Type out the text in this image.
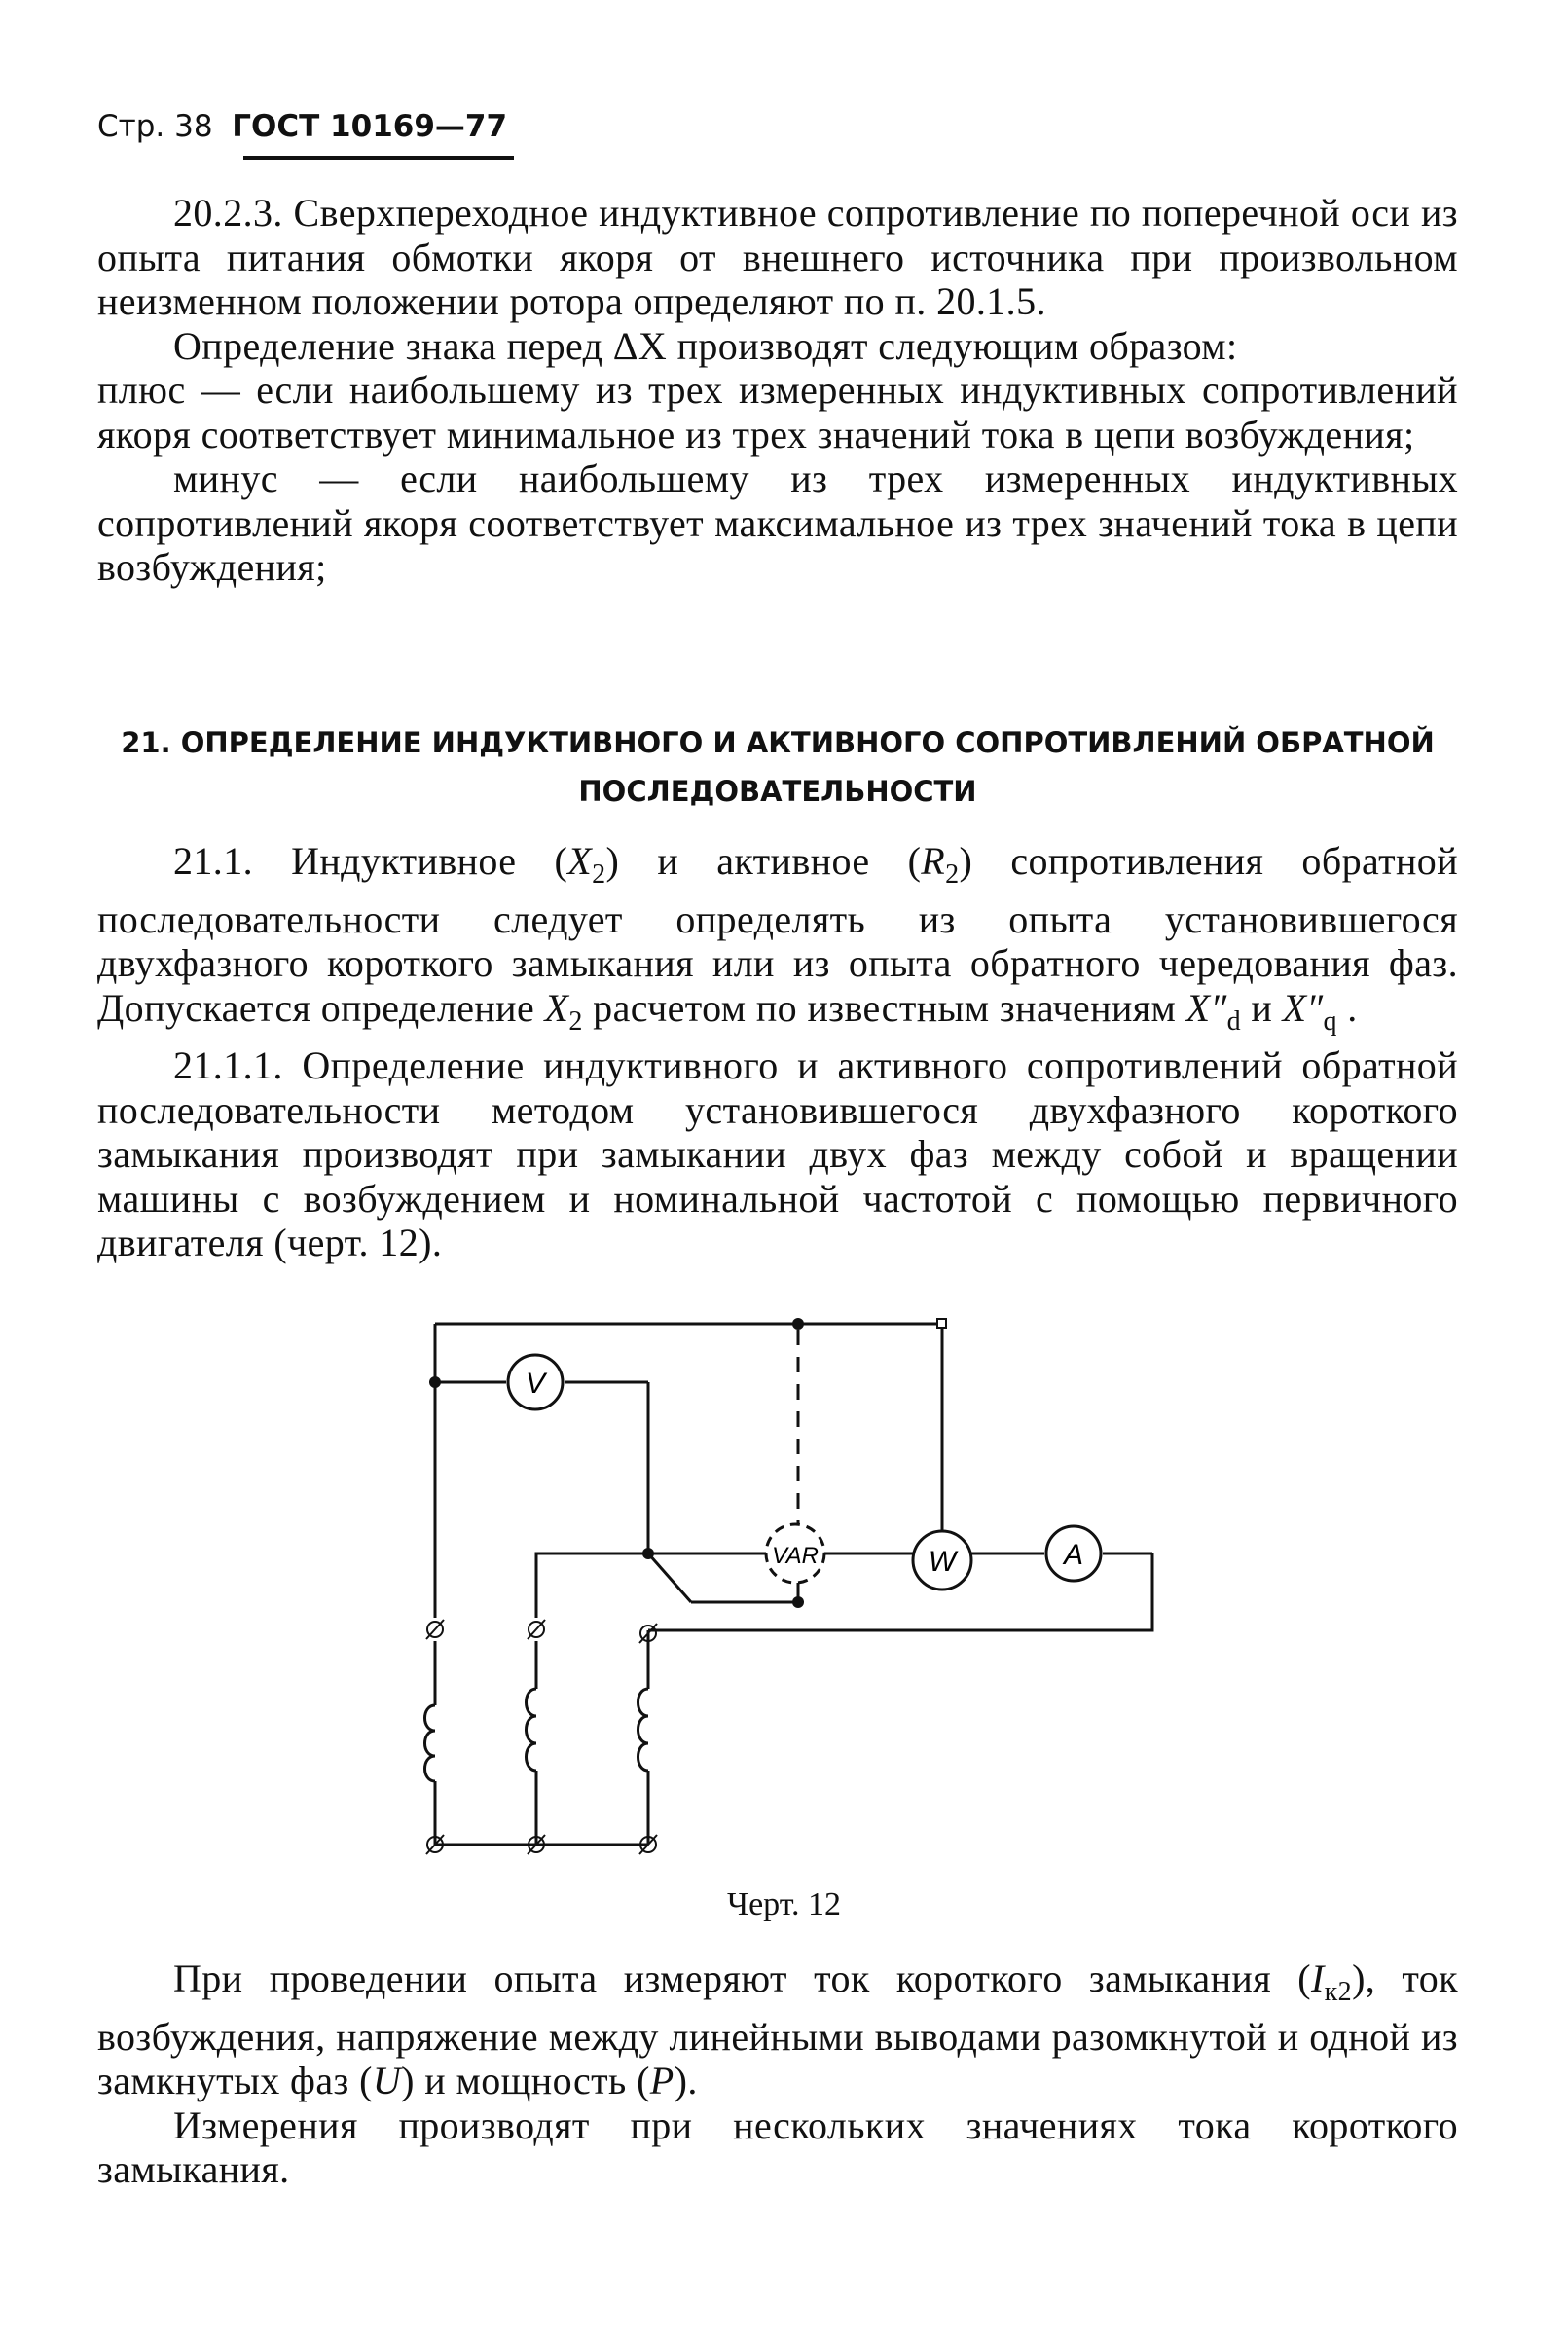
Стр. 38 ГОСТ 10169—77

20.2.3. Сверхпереходное индуктивное сопротивление по поперечной оси из опыта питания обмотки якоря от внешнего источника при произвольном неизменном положении ротора определяют по п. 20.1.5.

Определение знака перед ΔX производят следующим образом:

плюс — если наибольшему из трех измеренных индуктивных сопротивлений якоря соответствует минимальное из трех значений тока в цепи возбуждения;

минус — если наибольшему из трех измеренных индуктивных сопротивлений якоря соответствует максимальное из трех значений тока в цепи возбуждения;

21. ОПРЕДЕЛЕНИЕ ИНДУКТИВНОГО И АКТИВНОГО СОПРОТИВЛЕНИЙ ОБРАТНОЙ ПОСЛЕДОВАТЕЛЬНОСТИ

21.1. Индуктивное $(X_2)$ и активное $(R_2)$ сопротивления обратной последовательности следует определять из опыта установившегося двухфазного короткого замыкания или из опыта обратного чередования фаз. Допускается определение $X_2$ расчетом по известным значениям $X''_d$ и $X''_q$ .

21.1.1. Определение индуктивного и активного сопротивлений обратной последовательности методом установившегося двухфазного короткого замыкания производят при замыкании двух фаз между собой и вращении машины с возбуждением и номинальной частотой с помощью первичного двигателя (черт. 12).

V
VAR	W	A
Черт. 12

При проведении опыта измеряют ток короткого замыкания $(I_{к2})$, ток возбуждения, напряжение между линейными выводами разомкнутой и одной из замкнутых фаз (U) и мощность (P).

Измерения производят при нескольких значениях тока короткого замыкания.
